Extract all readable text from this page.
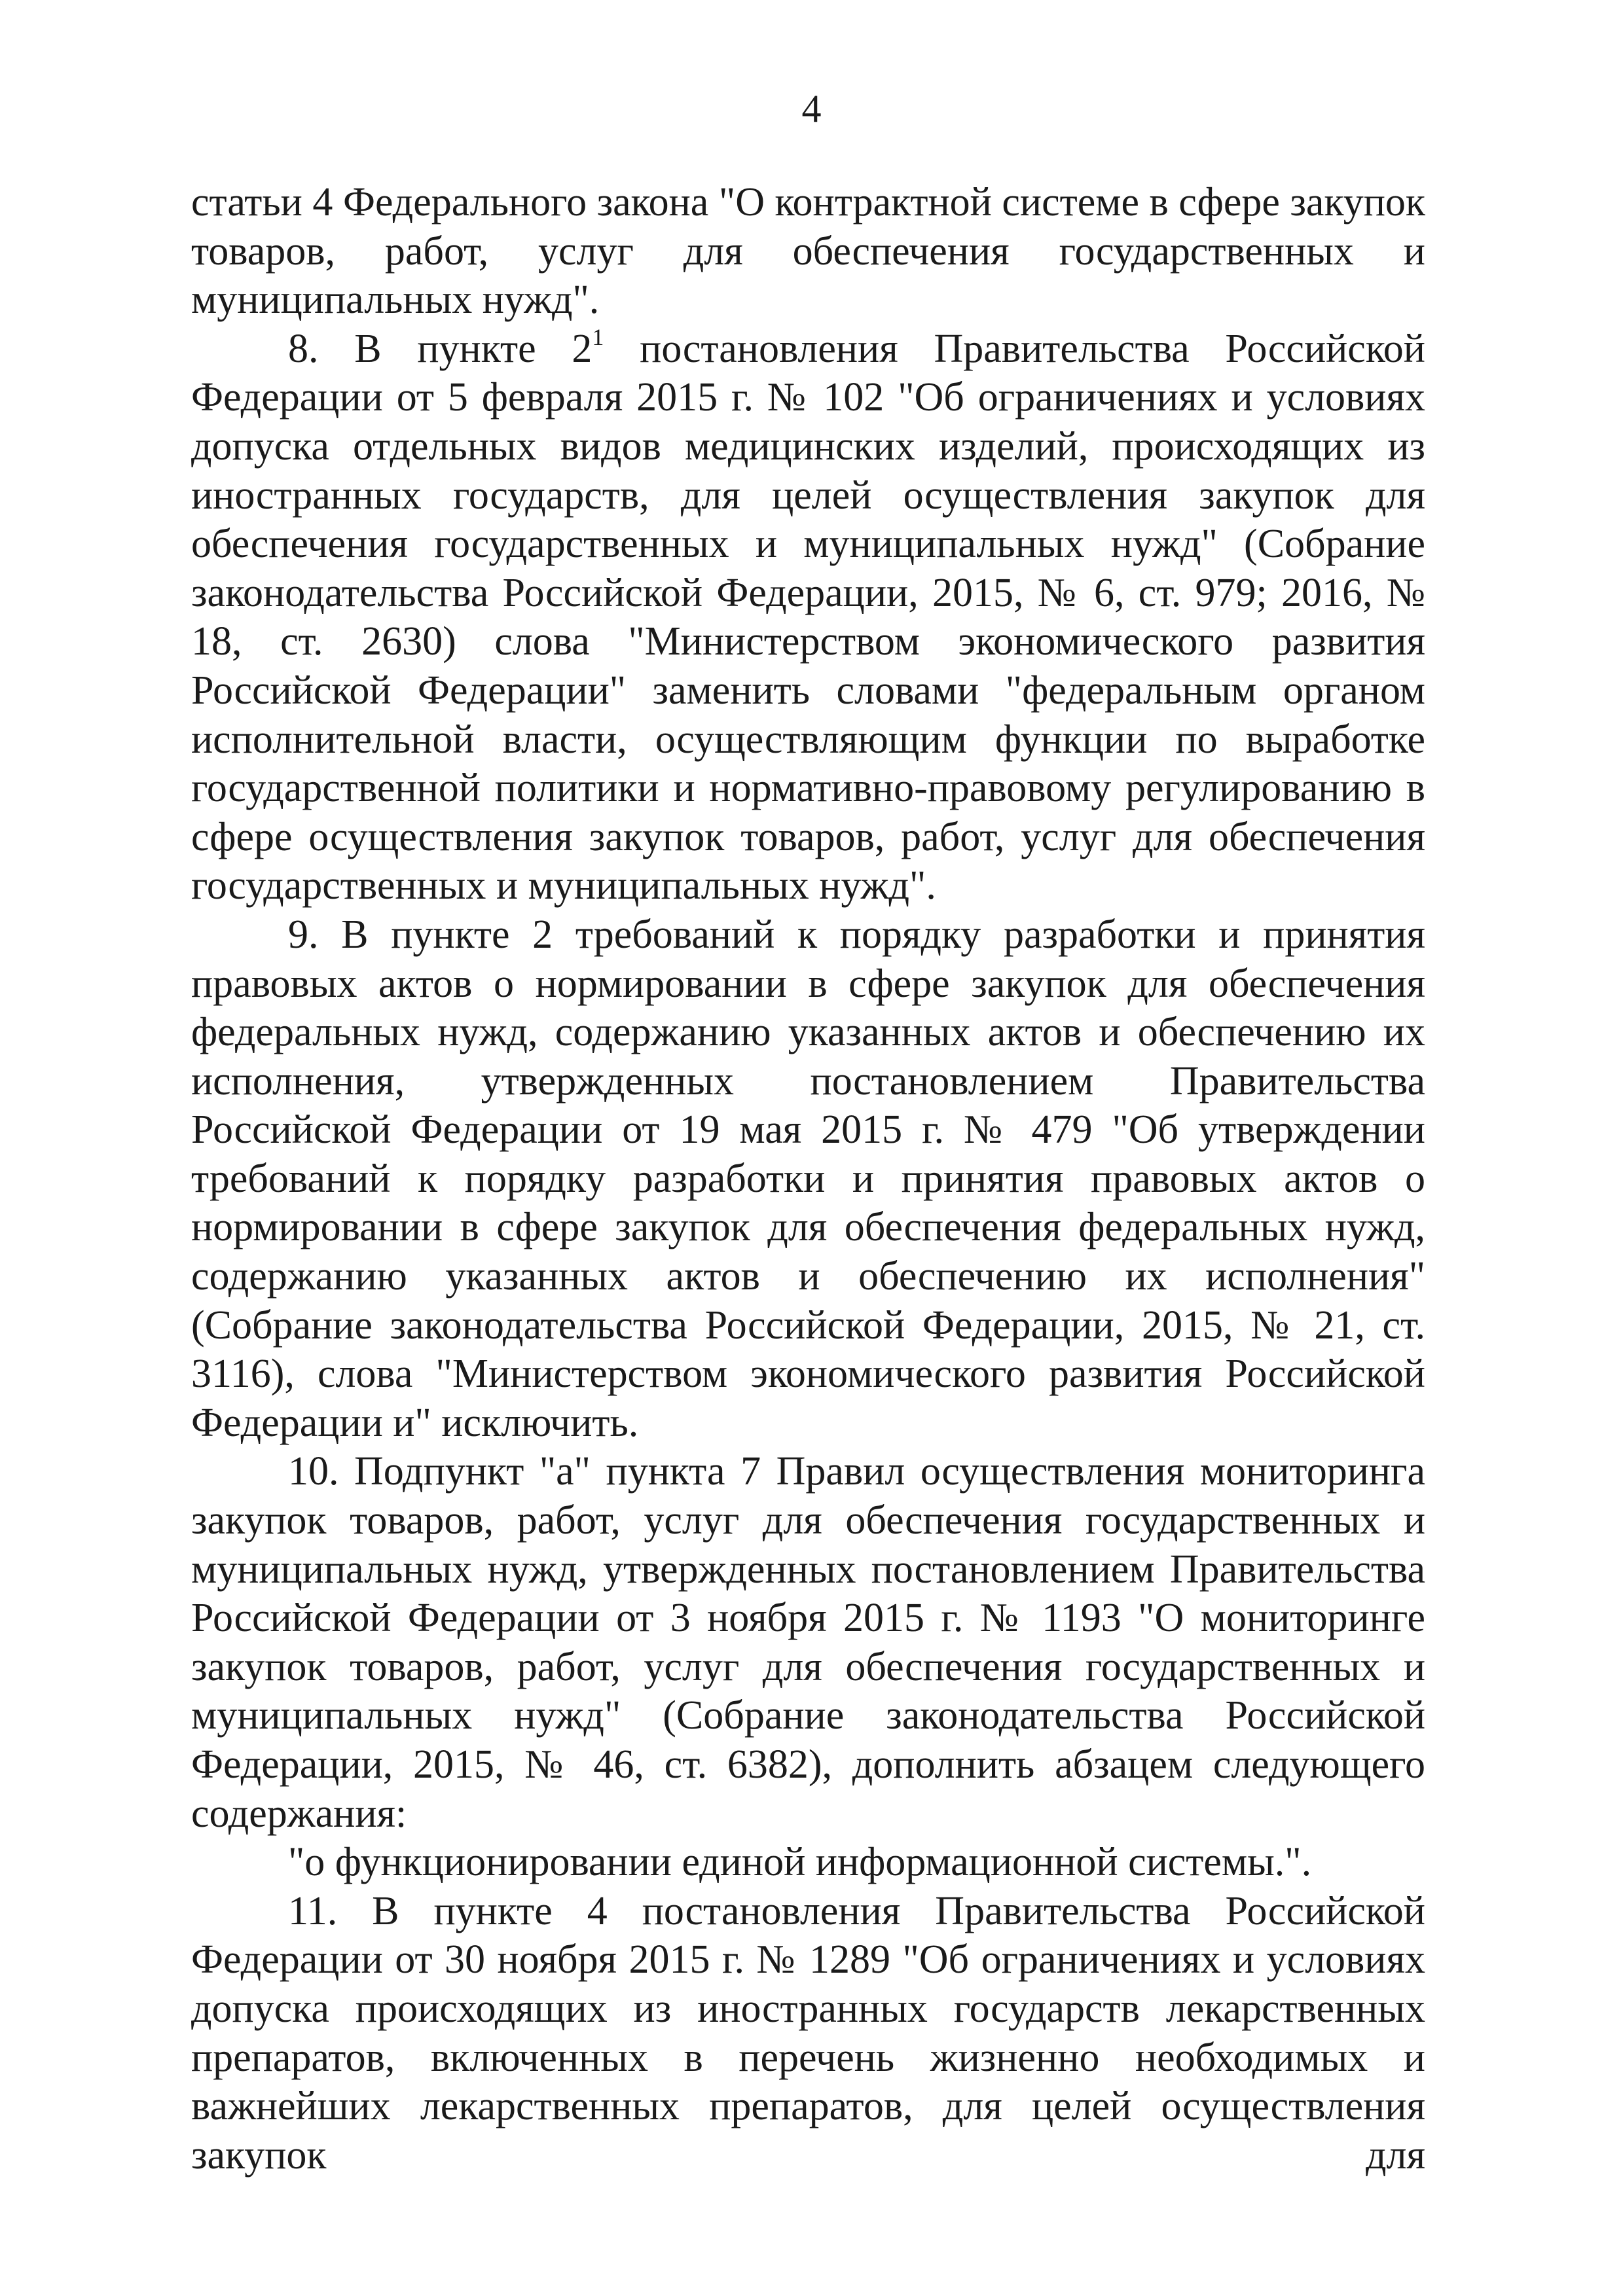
4

статьи 4 Федерального закона "О контрактной системе в сфере закупок товаров, работ, услуг для обеспечения государственных и муниципальных нужд".

8. В пункте $2^1$ постановления Правительства Российской Федерации от 5 февраля 2015 г. № 102 "Об ограничениях и условиях допуска отдельных видов медицинских изделий, происходящих из иностранных государств, для целей осуществления закупок для обеспечения государственных и муниципальных нужд" (Собрание законодательства Российской Федерации, 2015, № 6, ст. 979; 2016, № 18, ст. 2630) слова "Министерством экономического развития Российской Федерации" заменить словами "федеральным органом исполнительной власти, осуществляющим функции по выработке государственной политики и нормативно-правовому регулированию в сфере осуществления закупок товаров, работ, услуг для обеспечения государственных и муниципальных нужд".

9. В пункте 2 требований к порядку разработки и принятия правовых актов о нормировании в сфере закупок для обеспечения федеральных нужд, содержанию указанных актов и обеспечению их исполнения, утвержденных постановлением Правительства Российской Федерации от 19 мая 2015 г. № 479 "Об утверждении требований к порядку разработки и принятия правовых актов о нормировании в сфере закупок для обеспечения федеральных нужд, содержанию указанных актов и обеспечению их исполнения" (Собрание законодательства Российской Федерации, 2015, № 21, ст. 3116), слова "Министерством экономического развития Российской Федерации и" исключить.

10. Подпункт "а" пункта 7 Правил осуществления мониторинга закупок товаров, работ, услуг для обеспечения государственных и муниципальных нужд, утвержденных постановлением Правительства Российской Федерации от 3 ноября 2015 г. № 1193 "О мониторинге закупок товаров, работ, услуг для обеспечения государственных и муниципальных нужд" (Собрание законодательства Российской Федерации, 2015, № 46, ст. 6382), дополнить абзацем следующего содержания:

"о функционировании единой информационной системы.".

11. В пункте 4 постановления Правительства Российской Федерации от 30 ноября 2015 г. № 1289 "Об ограничениях и условиях допуска происходящих из иностранных государств лекарственных препаратов, включенных в перечень жизненно необходимых и важнейших лекарственных препаратов, для целей осуществления закупок для
